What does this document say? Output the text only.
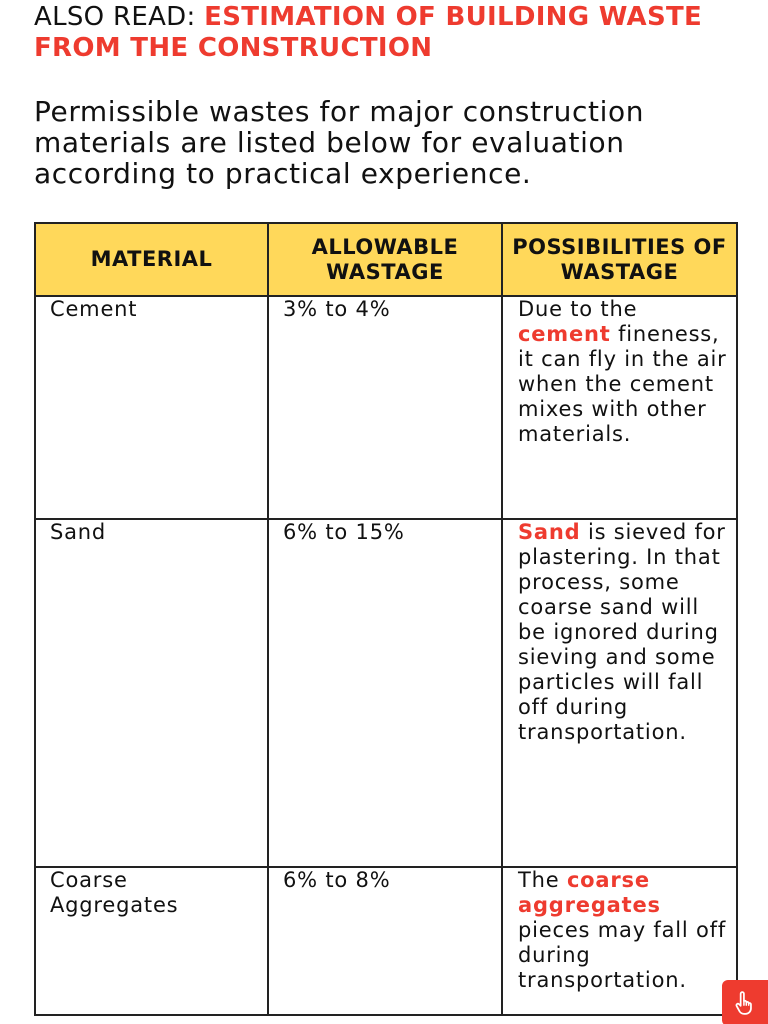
ALSO READ: ESTIMATION OF BUILDING WASTE FROM THE CONSTRUCTION

Permissible wastes for major construction materials are listed below for evaluation according to practical experience.

MATERIAL	ALLOWABLE WASTAGE	POSSIBILITIES OF WASTAGE
Cement	3% to 4%	Due to the cement fineness, it can fly in the air when the cement mixes with other materials.
Sand	6% to 15%	Sand is sieved for plastering. In that process, some coarse sand will be ignored during sieving and some particles will fall off during transportation.
Coarse Aggregates	6% to 8%	The coarse aggregates pieces may fall off during transportation.
